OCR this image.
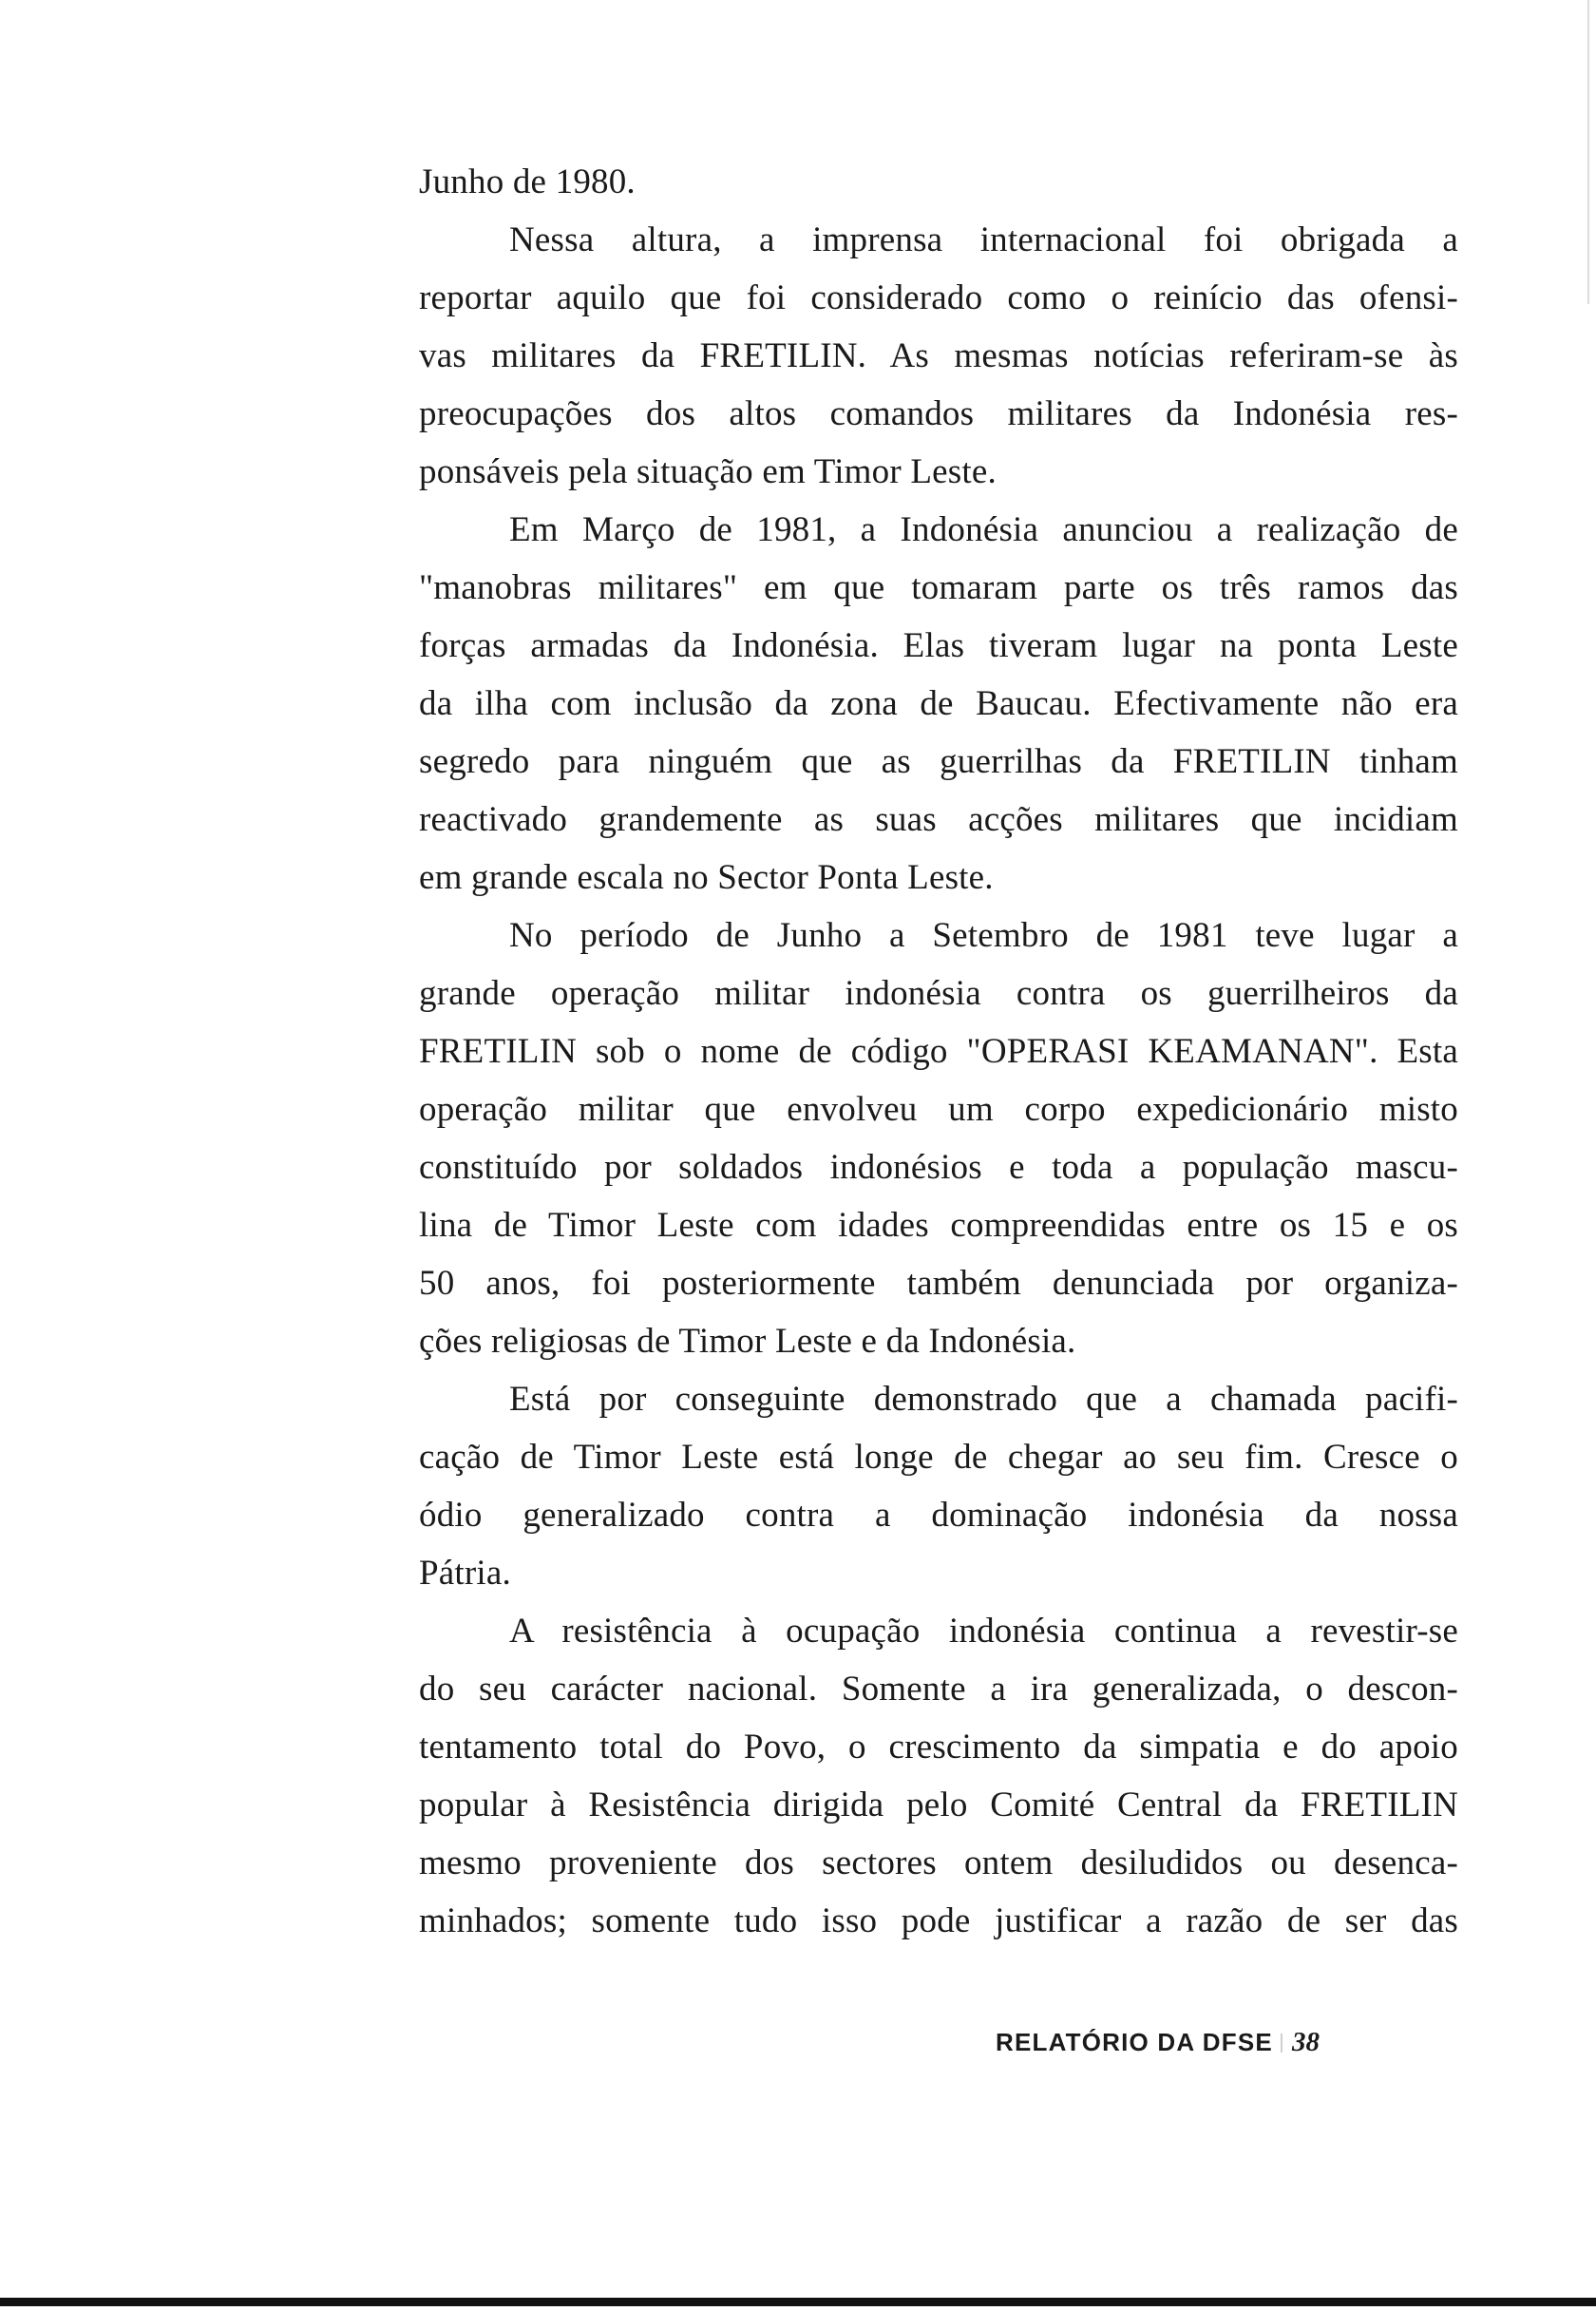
Junho de 1980.
Nessa altura, a imprensa internacional foi obrigada a
reportar aquilo que foi considerado como o reinício das ofensi-
vas militares da FRETILIN. As mesmas notícias referiram-se às
preocupações dos altos comandos militares da Indonésia res-
ponsáveis pela situação em Timor Leste.
Em Março de 1981, a Indonésia anunciou a realização de
"manobras militares" em que tomaram parte os três ramos das
forças armadas da Indonésia. Elas tiveram lugar na ponta Leste
da ilha com inclusão da zona de Baucau. Efectivamente não era
segredo para ninguém que as guerrilhas da FRETILIN tinham
reactivado grandemente as suas acções militares que incidiam
em grande escala no Sector Ponta Leste.
No período de Junho a Setembro de 1981 teve lugar a
grande operação militar indonésia contra os guerrilheiros da
FRETILIN sob o nome de código "OPERASI KEAMANAN". Esta
operação militar que envolveu um corpo expedicionário misto
constituído por soldados indonésios e toda a população mascu-
lina de Timor Leste com idades compreendidas entre os 15 e os
50 anos, foi posteriormente também denunciada por organiza-
ções religiosas de Timor Leste e da Indonésia.
Está por conseguinte demonstrado que a chamada pacifi-
cação de Timor Leste está longe de chegar ao seu fim. Cresce o
ódio generalizado contra a dominação indonésia da nossa
Pátria.
A resistência à ocupação indonésia continua a revestir-se
do seu carácter nacional. Somente a ira generalizada, o descon-
tentamento total do Povo, o crescimento da simpatia e do apoio
popular à Resistência dirigida pelo Comité Central da FRETILIN
mesmo proveniente dos sectores ontem desiludidos ou desenca-
minhados; somente tudo isso pode justificar a razão de ser das
RELATÓRIO DA DFSE 38
